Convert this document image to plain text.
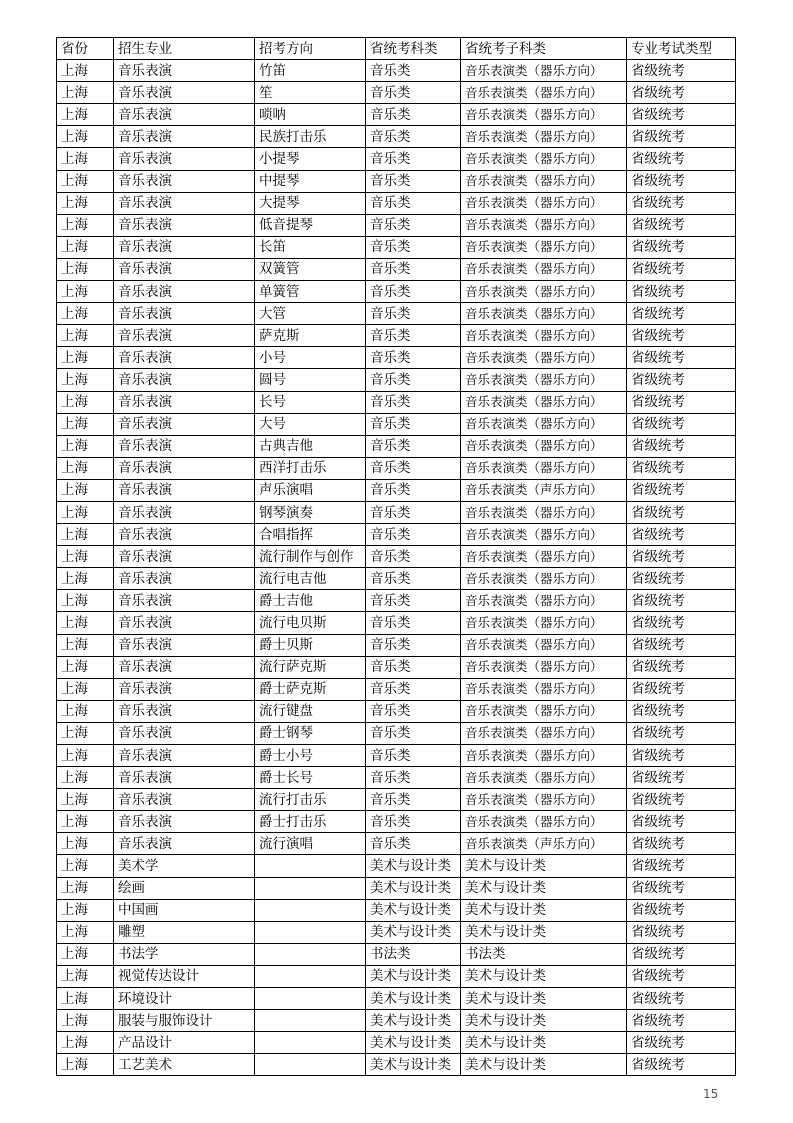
省份	招生专业	招考方向	省统考科类	省统考子科类	专业考试类型
上海	音乐表演	竹笛	音乐类	音乐表演类（器乐方向）	省级统考
上海	音乐表演	笙	音乐类	音乐表演类（器乐方向）	省级统考
上海	音乐表演	唢呐	音乐类	音乐表演类（器乐方向）	省级统考
上海	音乐表演	民族打击乐	音乐类	音乐表演类（器乐方向）	省级统考
上海	音乐表演	小提琴	音乐类	音乐表演类（器乐方向）	省级统考
上海	音乐表演	中提琴	音乐类	音乐表演类（器乐方向）	省级统考
上海	音乐表演	大提琴	音乐类	音乐表演类（器乐方向）	省级统考
上海	音乐表演	低音提琴	音乐类	音乐表演类（器乐方向）	省级统考
上海	音乐表演	长笛	音乐类	音乐表演类（器乐方向）	省级统考
上海	音乐表演	双簧管	音乐类	音乐表演类（器乐方向）	省级统考
上海	音乐表演	单簧管	音乐类	音乐表演类（器乐方向）	省级统考
上海	音乐表演	大管	音乐类	音乐表演类（器乐方向）	省级统考
上海	音乐表演	萨克斯	音乐类	音乐表演类（器乐方向）	省级统考
上海	音乐表演	小号	音乐类	音乐表演类（器乐方向）	省级统考
上海	音乐表演	圆号	音乐类	音乐表演类（器乐方向）	省级统考
上海	音乐表演	长号	音乐类	音乐表演类（器乐方向）	省级统考
上海	音乐表演	大号	音乐类	音乐表演类（器乐方向）	省级统考
上海	音乐表演	古典吉他	音乐类	音乐表演类（器乐方向）	省级统考
上海	音乐表演	西洋打击乐	音乐类	音乐表演类（器乐方向）	省级统考
上海	音乐表演	声乐演唱	音乐类	音乐表演类（声乐方向）	省级统考
上海	音乐表演	钢琴演奏	音乐类	音乐表演类（器乐方向）	省级统考
上海	音乐表演	合唱指挥	音乐类	音乐表演类（器乐方向）	省级统考
上海	音乐表演	流行制作与创作	音乐类	音乐表演类（器乐方向）	省级统考
上海	音乐表演	流行电吉他	音乐类	音乐表演类（器乐方向）	省级统考
上海	音乐表演	爵士吉他	音乐类	音乐表演类（器乐方向）	省级统考
上海	音乐表演	流行电贝斯	音乐类	音乐表演类（器乐方向）	省级统考
上海	音乐表演	爵士贝斯	音乐类	音乐表演类（器乐方向）	省级统考
上海	音乐表演	流行萨克斯	音乐类	音乐表演类（器乐方向）	省级统考
上海	音乐表演	爵士萨克斯	音乐类	音乐表演类（器乐方向）	省级统考
上海	音乐表演	流行键盘	音乐类	音乐表演类（器乐方向）	省级统考
上海	音乐表演	爵士钢琴	音乐类	音乐表演类（器乐方向）	省级统考
上海	音乐表演	爵士小号	音乐类	音乐表演类（器乐方向）	省级统考
上海	音乐表演	爵士长号	音乐类	音乐表演类（器乐方向）	省级统考
上海	音乐表演	流行打击乐	音乐类	音乐表演类（器乐方向）	省级统考
上海	音乐表演	爵士打击乐	音乐类	音乐表演类（器乐方向）	省级统考
上海	音乐表演	流行演唱	音乐类	音乐表演类（声乐方向）	省级统考
上海	美术学		美术与设计类	美术与设计类	省级统考
上海	绘画		美术与设计类	美术与设计类	省级统考
上海	中国画		美术与设计类	美术与设计类	省级统考
上海	雕塑		美术与设计类	美术与设计类	省级统考
上海	书法学		书法类	书法类	省级统考
上海	视觉传达设计		美术与设计类	美术与设计类	省级统考
上海	环境设计		美术与设计类	美术与设计类	省级统考
上海	服装与服饰设计		美术与设计类	美术与设计类	省级统考
上海	产品设计		美术与设计类	美术与设计类	省级统考
上海	工艺美术		美术与设计类	美术与设计类	省级统考
15
